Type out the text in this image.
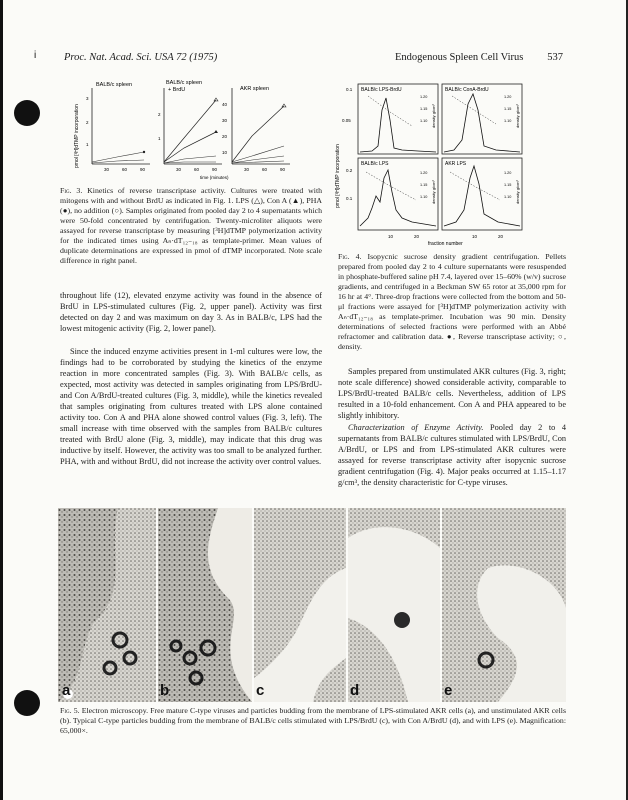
i	Proc. Nat. Acad. Sci. USA 72 (1975)	Endogenous Spleen Cell Virus 537
pmol [³H]dTMP incorporation
time (minutes)
BALB/c spleen
3
2
1
30	60	90
BALB/c spleen
+ BrdU
2
1
30	60	90
AKR spleen
40
30
20
10
30	60	90

Fig. 3. Kinetics of reverse transcriptase activity. Cultures were treated with mitogens with and without BrdU as indicated in Fig. 1. LPS (△), Con A (▲), PHA (●), no addition (○). Samples originated from pooled day 2 to 4 supernatants which were 50-fold concentrated by centrifugation. Twenty-microliter aliquots were assayed for reverse transcriptase by measuring [³H]dTMP polymerization activity for the indicated times using Aₙ·dT₁₂₋₁₈ as template-primer. Mean values of duplicate determinations are expressed in pmol of dTMP incorporated. Note scale difference in right panel.

throughout life (12), elevated enzyme activity was found in the absence of BrdU in LPS-stimulated cultures (Fig. 2, upper panel). Activity was first detected on day 2 and was maximum on day 3. As in BALB/c, LPS had the lowest mitogenic activity (Fig. 2, lower panel).
Since the induced enzyme activities present in 1-ml cultures were low, the findings had to be corroborated by studying the kinetics of the enzyme reaction in more concentrated samples (Fig. 3). With BALB/c cells, as expected, most activity was detected in samples originating from LPS/BrdU- and Con A/BrdU-treated cultures (Fig. 3, middle), while the kinetics revealed that samples originating from cultures treated with LPS alone contained activity too. Con A and PHA alone showed control values (Fig. 3, left). The small increase with time observed with the samples from BALB/c cultures treated with BrdU alone (Fig. 3, middle), may indicate that this drug was inductive by itself. However, the activity was too small to be analyzed further. PHA, with and without BrdU, did not increase the activity over control values.
pmol [³H]dTMP incorporation
fraction number
BALB/c LPS-BrdU	BALB/c ConA-BrdU
BALB/c LPS	AKR LPS
0.1
0.05
0.2
0.1
10	20	10	20
density g/cm³	density g/cm³
density g/cm³	density g/cm³
1.20
1.15
1.10
1.20
1.15
1.10
1.20
1.15
1.10
1.20
1.15
1.10

Fig. 4. Isopycnic sucrose density gradient centrifugation. Pellets prepared from pooled day 2 to 4 culture supernatants were resuspended in phosphate-buffered saline pH 7.4, layered over 15–60% (w/v) sucrose gradients, and centrifuged in a Beckman SW 65 rotor at 35,000 rpm for 16 hr at 4°. Three-drop fractions were collected from the bottom and 50-μl fractions were assayed for [³H]dTMP polymerization activity with Aₙ·dT₁₂₋₁₈ as template-primer. Incubation was 90 min. Density determinations of selected fractions were performed with an Abbé refractomer and calibration data. ●, Reverse transcriptase activity; ○, density.

Samples prepared from unstimulated AKR cultures (Fig. 3, right; note scale difference) showed considerable activity, comparable to LPS/BrdU-treated BALB/c cells. Nevertheless, addition of LPS resulted in a 10-fold enhancement. Con A and PHA appeared to be slightly inhibitory.

Characterization of Enzyme Activity. Pooled day 2 to 4 supernatants from BALB/c cultures stimulated with LPS/BrdU, Con A/BrdU, or LPS and from LPS-stimulated AKR cultures were assayed for reverse transcriptase activity after isopycnic sucrose gradient centrifugation (Fig. 4). Major peaks occurred at 1.15–1.17 g/cm³, the density characteristic for C-type viruses.

a	b	c	d	e

Fig. 5. Electron microscopy. Free mature C-type viruses and particles budding from the membrane of LPS-stimulated AKR cells (a), and unstimulated AKR cells (b). Typical C-type particles budding from the membrane of BALB/c cells stimulated with LPS/BrdU (c), with Con A/BrdU (d), and with LPS (e). Magnification: 65,000×.
